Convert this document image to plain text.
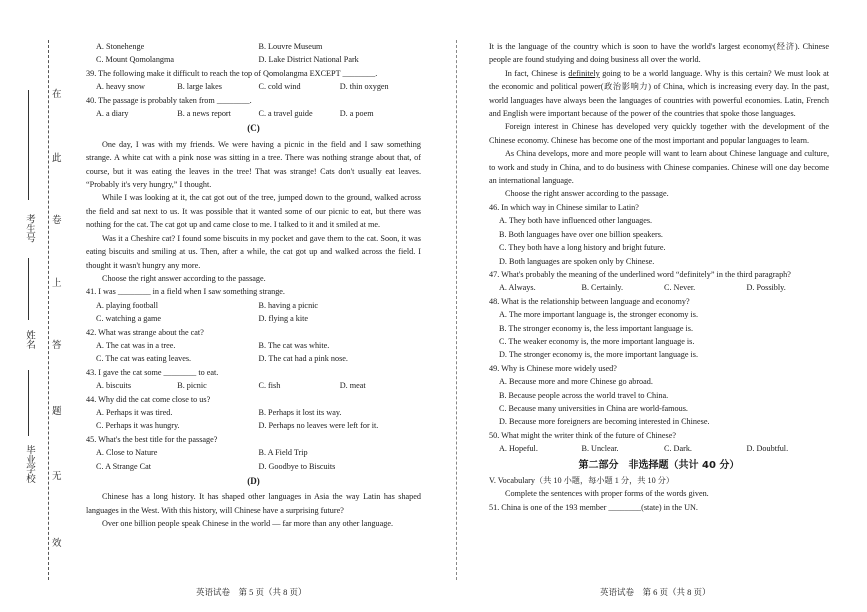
在
此
卷
上
答
题
无
效
考生号
姓名
毕业学校
A. Stonehenge	B. Louvre Museum
C. Mount Qomolangma	D. Lake District National Park

39. The following make it difficult to reach the top of Qomolangma EXCEPT ________.

A. heavy snow	B. large lakes	C. cold wind	D. thin oxygen

40. The passage is probably taken from ________.

A. a diary	B. a news report	C. a travel guide	D. a poem

(C)

One day, I was with my friends. We were having a picnic in the field and I saw something strange. A white cat with a pink nose was sitting in a tree. There was nothing strange about that, of course, but it was eating the leaves in the tree! That was strange! Cats don't usually eat leaves. “Probably it's very hungry,” I thought.

While I was looking at it, the cat got out of the tree, jumped down to the ground, walked across the field and sat next to us. It was possible that it wanted some of our picnic to eat, but there was nothing for the cat. The cat got up and came close to me. I talked to it and it smiled at me.

Was it a Cheshire cat? I found some biscuits in my pocket and gave them to the cat. Soon, it was eating biscuits and smiling at us. Then, after a while, the cat got up and walked across the field. I thought it wasn't hungry any more.

Choose the right answer according to the passage.

41. I was ________ in a field when I saw something strange.

A. playing football	B. having a picnic
C. watching a game	D. flying a kite

42. What was strange about the cat?

A. The cat was in a tree.	B. The cat was white.
C. The cat was eating leaves.	D. The cat had a pink nose.

43. I gave the cat some ________ to eat.

A. biscuits	B. picnic	C. fish	D. meat

44. Why did the cat come close to us?

A. Perhaps it was tired.	B. Perhaps it lost its way.
C. Perhaps it was hungry.	D. Perhaps no leaves were left for it.

45. What's the best title for the passage?

A. Close to Nature	B. A Field Trip
C. A Strange Cat	D. Goodbye to Biscuits

(D)

Chinese has a long history. It has shaped other languages in Asia the way Latin has shaped languages in the West. With this history, will Chinese have a surprising future?

Over one billion people speak Chinese in the world — far more than any other language.

英语试卷　第 5 页（共 8 页）

It is the language of the country which is soon to have the world's largest economy(经济). Chinese people are found studying and doing business all over the world.

In fact, Chinese is definitely going to be a world language. Why is this certain? We must look at the economic and political power(政治影响力) of China, which is increasing every day. In the past, world languages have always been the languages of countries with powerful economies. Latin, French and English were important because of the power of the countries that spoke those languages.

Foreign interest in Chinese has developed very quickly together with the development of the Chinese economy. Chinese has become one of the most important and popular languages to learn.

As China develops, more and more people will want to learn about Chinese language and culture, to work and study in China, and to do business with Chinese companies. Chinese will one day become an international language.

Choose the right answer according to the passage.

46. In which way in Chinese similar to Latin?

A. They both have influenced other languages.

B. Both languages have over one billion speakers.

C. They both have a long history and bright future.

D. Both languages are spoken only by Chinese.

47. What's probably the meaning of the underlined word “definitely” in the third paragraph?

A. Always.	B. Certainly.	C. Never.	D. Possibly.

48. What is the relationship between language and economy?

A. The more important language is, the stronger economy is.

B. The stronger economy is, the less important language is.

C. The weaker economy is, the more important language is.

D. The stronger economy is, the more important language is.

49. Why is Chinese more widely used?

A. Because more and more Chinese go abroad.

B. Because people across the world travel to China.

C. Because many universities in China are world-famous.

D. Because more foreigners are becoming interested in Chinese.

50. What might the writer think of the future of Chinese?

A. Hopeful.	B. Unclear.	C. Dark.	D. Doubtful.

第二部分　非选择题（共计 40 分）

V. Vocabulary（共 10 小题，每小题 1 分，共 10 分）

Complete the sentences with proper forms of the words given.

51. China is one of the 193 member ________(state) in the UN.

英语试卷　第 6 页（共 8 页）
